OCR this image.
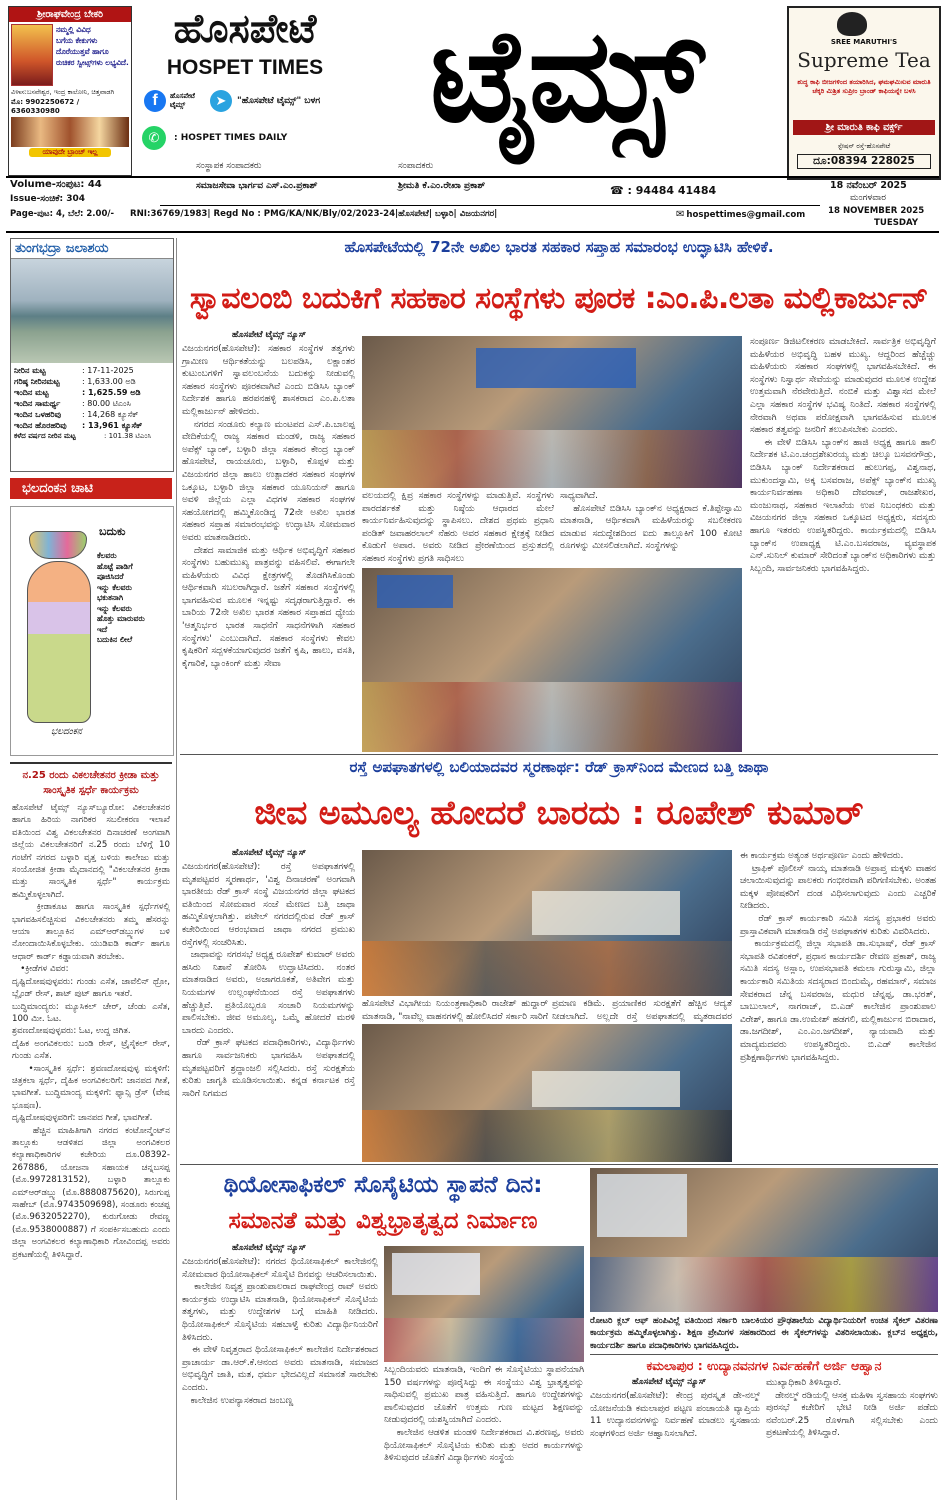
ಶ್ರೀರಾಘವೇಂದ್ರ ಬೇಕರಿ
ನಮ್ಮಲ್ಲಿ ವಿವಿಧ
ಬಗೆಯ ಕೇಕುಗಳು
ದೊರೆಯುತ್ತವೆ ಹಾಗೂ
ರುಚಿಕರ ಸ್ವೀಟ್ಸ್‌ಗಳು ಲಭ್ಯವಿದೆ.
ವಿಳಾಸ:ಬಸವೇಶ್ವರ, ಇಂದ್ರ ಕಾಲೋನಿ, ಚಿತ್ತವಾಡಗಿ
ಮೊ: 9902250672 / 6360330980
ಯಾವುದೇ ಬ್ರಾಂಚ್ ಇಲ್ಲ
ಹೊಸಪೇಟೆ
HOSPET TIMES ಟೈಮ್ಸ್
f	ಹೊಸಪೇಟೆ ಟೈಮ್ಸ್	➤	"ಹೊಸಪೇಟೆ ಟೈಮ್ಸ್" ಬಳಗ
✆	: HOSPET TIMES DAILY
ಸಂಸ್ಥಾಪಕ ಸಂಪಾದಕರು	ಸಂಪಾದಕರು
SREE MARUTHI'S
Supreme Tea
ಶುದ್ಧ ಕಾಫಿ ಬೀಜಗಳಿಂದ ತಯಾರಿಸಿದ, ಘಮಘಮಿಸುವ ಮಾರುತಿ ಚೆಕ್ಕರಿ ಮಿಶ್ರಿತ ಸುಪ್ರೀಂ ಬ್ರಾಂಡ್ ಕಾಫಿಯನ್ನೇ ಬಳಸಿ
ಶ್ರೀ ಮಾರುತಿ ಕಾಫಿ ವರ್ಕ್ಸ್
ಸ್ಟೇಷನ್ ರಸ್ತೆ-ಹೊಸಪೇಟೆ
ದೂ:08394 228025
Volume-ಸಂಪುಟ: 44
Issue-ಸಂಚಿಕೆ: 304
Page-ಪುಟ: 4, ಬೆಲೆ: 2.00/-
ಸಮಾಜಸೇವಾ ಭಾರ್ಗವ ಎಸ್.ಎಂ.ಪ್ರಕಾಶ್	ಶ್ರೀಮತಿ ಕೆ.ಎಂ.ರೇಖಾ ಪ್ರಕಾಶ್	☎ : 94484 41484	18 ನವೆಂಬರ್ 2025
ಮಂಗಳವಾರ
RNI:36769/1983| Regd No : PMG/KA/NK/Bly/02/2023-24|ಹೊಸಪೇಟೆ| ಬಳ್ಳಾರಿ| ವಿಜಯನಗರ|	✉ hospettimes@gmail.com	18 NOVEMBER 2025
TUESDAY
ತುಂಗಭದ್ರಾ ಜಲಾಶಯ
ನೀರಿನ ಮಟ್ಟ	: 17-11-2025
ಗರಿಷ್ಠ ನೀರಿನಮಟ್ಟ	: 1,633.00 ಅಡಿ
ಇಂದಿನ ಮಟ್ಟ	: 1,625.59 ಅಡಿ
ಇಂದಿನ ಸಾಮರ್ಥ್ಯ	: 80.00 ಟಿಎಂಸಿ
ಇಂದಿನ ಒಳಹರಿವು	: 14,268 ಕ್ಯೂಸೆಕ್
ಇಂದಿನ ಹೊರಹರಿವು	: 13,961 ಕ್ಯೂಸೆಕ್
ಕಳೆದ ವರ್ಷದ ನೀರಿನ ಮಟ್ಟ	: 101.38 ಟಿಎಂಸಿ
ಭಲದಂಕನ ಚಾಟಿ
ಬದುಕು
ಕೆಲವರು
ಹೊಟ್ಟೆ ಪಾಡಿಗೆ
ಪೂಜಿಸಿದರೆ
ಇನ್ನು ಕೆಲವರು
ಭಕುತನಾಗಿ
ಇನ್ನು ಕೆಲವರು
ಹೊತ್ತು ಮಾರುವರು
ಇದೆ
ಬದುಕಿನ ಲೀಲೆ
ಭಲದಂಕನ
ನ.25 ರಂದು ವಿಕಲಚೇತನರ ಕ್ರೀಡಾ ಮತ್ತು ಸಾಂಸ್ಕೃತಿಕ ಸ್ಪರ್ಧೆ ಕಾರ್ಯಕ್ರಮ
ಹೊಸಪೇಟೆ ಟೈಮ್ಸ್ ನ್ಯೂಸ್‌ಬ್ಯೂರೋ: ವಿಕಲಚೇತನರ ಹಾಗೂ ಹಿರಿಯ ನಾಗರಿಕರ ಸಬಲೀಕರಣ ಇಲಾಖೆ ವತಿಯಿಂದ ವಿಶ್ವ ವಿಕಲಚೇತನರ ದಿನಾಚರಣೆ ಅಂಗವಾಗಿ ಜಿಲ್ಲೆಯ ವಿಕಲಚೇತನರಿಗೆ ನ.25 ರಂದು ಬೆಳಿಗ್ಗೆ 10 ಗಂಟೆಗೆ ನಗರದ ಬಳ್ಳಾರಿ ವೃತ್ತ ಬಳಿಯ ಕಾಲೇಜು ಮತ್ತು ಸಂಯೋಜಿತ ಕ್ರೀಡಾ ಮೈದಾನದಲ್ಲಿ "ವಿಕಲಚೇತನರ ಕ್ರೀಡಾ ಮತ್ತು ಸಾಂಸ್ಕೃತಿಕ ಸ್ಪರ್ಧೆ" ಕಾರ್ಯಕ್ರಮ ಹಮ್ಮಿಕೊಳ್ಳಲಾಗಿದೆ.
ಕ್ರೀಡಾಕೂಟ ಹಾಗೂ ಸಾಂಸ್ಕೃತಿಕ ಸ್ಪರ್ಧೆಗಳಲ್ಲಿ ಭಾಗವಹಿಸಲಿಚ್ಚಿಸುವ ವಿಕಲಚೇತನರು ತಮ್ಮ ಹೆಸರನ್ನು ಆಯಾ ತಾಲ್ಲೂಕಿನ ಎಮ್‌ಆರ್‌ಡಬ್ಲ್ಯುಗಳ ಬಳಿ ನೋಂದಾಯಿಸಿಕೊಳ್ಳಬೇಕು. ಯುಡಿಐಡಿ ಕಾರ್ಡ್ ಹಾಗೂ ಆಧಾರ್ ಕಾರ್ಡ್ ಕಡ್ಡಾಯವಾಗಿ ತರಬೇಕು.
•ಕ್ರೀಡೆಗಳ ವಿವರ:
ದೃಷ್ಟಿದೋಷವುಳ್ಳವರು: ಗುಂಡು ಎಸೆತ, ಜಾವೆಲಿನ್ ಥ್ರೋ, ಬ್ಲೈಂಡ್ ರೇಸ್, ಶಾಟ್ ಪುಟ್ ಹಾಗೂ ಇತರೆ.
ಬುದ್ಧಿಮಾಂದ್ಯರು: ಮ್ಯೂಸಿಕಲ್ ಚೇರ್, ಚೆಂಡು ಎಸೆತ, 100 ಮೀ. ಓಟ.
ಶ್ರವಣದೋಷವುಳ್ಳವರು: ಓಟ, ಉದ್ದ ಜಿಗಿತ.
ದೈಹಿಕ ಅಂಗವಿಕಲರು: ಬಂಡಿ ರೇಸ್, ಟ್ರೈಸೈಕಲ್ ರೇಸ್, ಗುಂಡು ಎಸೆತ.
•ಸಾಂಸ್ಕೃತಿಕ ಸ್ಪರ್ಧೆ: ಶ್ರವಣದೋಷವುಳ್ಳ ಮಕ್ಕಳಿಗೆ: ಚಿತ್ರಕಲಾ ಸ್ಪರ್ಧೆ, ದೈಹಿಕ ಅಂಗವಿಕಲರಿಗೆ: ಜಾನಪದ ಗೀತೆ, ಭಾವಗೀತೆ. ಬುದ್ಧಿಮಾಂದ್ಯ ಮಕ್ಕಳಿಗೆ: ಫ್ಯಾನ್ಸಿ ಡ್ರೆಸ್ (ವೇಷ ಭೂಷಣ).
ದೃಷ್ಟಿದೋಷವುಳ್ಳವರಿಗೆ: ಜಾನಪದ ಗೀತೆ, ಭಾವಗೀತೆ.
ಹೆಚ್ಚಿನ ಮಾಹಿತಿಗಾಗಿ ನಗರದ ಕಂಟೋನ್ಮೆಂಟ್‌ನ ತಾಲ್ಲೂಕು ಆಡಳಿತದ ಜಿಲ್ಲಾ ಅಂಗವಿಕಲರ ಕಲ್ಯಾಣಾಧಿಕಾರಿಗಳ ಕಚೇರಿಯ ದೂ.08392-267886, ಯೋಜನಾ ಸಹಾಯಕ ಚನ್ನಬಸಪ್ಪ (ಮೊ.9972813152), ಬಳ್ಳಾರಿ ತಾಲ್ಲೂಕು ಎಮ್‌ಆರ್‌ಡಬ್ಲ್ಯು (ಮೊ.8880875620), ಸಿರುಗುಪ್ಪ ಸಾಹೇಬ್ (ಮೊ.9743509698), ಸಂಡೂರು ಕಂಚಪ್ಪ (ಮೊ.9632052270), ಕುರುಗೋಡು ರೇವಣ್ಣ (ಮೊ.9538000887) ಗೆ ಸಂಪರ್ಕಿಸಬಹುದು ಎಂದು ಜಿಲ್ಲಾ ಅಂಗವಿಕಲರ ಕಲ್ಯಾಣಾಧಿಕಾರಿ ಗೋವಿಂದಪ್ಪ ಅವರು ಪ್ರಕಟಣೆಯಲ್ಲಿ ತಿಳಿಸಿದ್ದಾರೆ.
ಹೊಸಪೇಟೆಯಲ್ಲಿ 72ನೇ ಅಖಿಲ ಭಾರತ ಸಹಕಾರ ಸಪ್ತಾಹ ಸಮಾರಂಭ ಉದ್ಘಾಟಿಸಿ ಹೇಳಿಕೆ.
ಸ್ವಾವಲಂಬಿ ಬದುಕಿಗೆ ಸಹಕಾರ ಸಂಸ್ಥೆಗಳು ಪೂರಕ :ಎಂ.ಪಿ.ಲತಾ ಮಲ್ಲಿಕಾರ್ಜುನ್
ಹೊಸಪೇಟೆ ಟೈಮ್ಸ್ ನ್ಯೂಸ್
ವಿಜಯನಗರ(ಹೊಸಪೇಟೆ): ಸಹಕಾರ ಸಂಸ್ಥೆಗಳ ತತ್ವಗಳು ಗ್ರಾಮೀಣ ಆರ್ಥಿಕತೆಯನ್ನು ಬಲಪಡಿಸಿ, ಲಕ್ಷಾಂತರ ಕುಟುಂಬಗಳಿಗೆ ಸ್ವಾವಲಂಬನೆಯ ಬದುಕನ್ನು ನೀಡುವಲ್ಲಿ ಸಹಕಾರ ಸಂಸ್ಥೆಗಳು ಪೂರಕವಾಗಿವೆ ಎಂದು ಬಿಡಿಸಿಸಿ ಬ್ಯಾಂಕ್ ನಿರ್ದೇಶಕ ಹಾಗೂ ಹರಪನಹಳ್ಳಿ ಶಾಸಕರಾದ ಎಂ.ಪಿ.ಲತಾ ಮಲ್ಲಿಕಾರ್ಜುನ್ ಹೇಳಿದರು.
ನಗರದ ಸಂಡೂರು ಕಲ್ಯಾಣ ಮಂಟಪದ ಎಸ್.ಪಿ.ಬಾಲಪ್ಪ ವೇದಿಕೆಯಲ್ಲಿ ರಾಜ್ಯ ಸಹಕಾರ ಮಂಡಳಿ, ರಾಜ್ಯ ಸಹಕಾರ ಅಪೆಕ್ಸ್ ಬ್ಯಾಂಕ್, ಬಳ್ಳಾರಿ ಜಿಲ್ಲಾ ಸಹಕಾರ ಕೇಂದ್ರ ಬ್ಯಾಂಕ್ ಹೊಸಪೇಟೆ, ರಾಯಚೂರು, ಬಳ್ಳಾರಿ, ಕೊಪ್ಪಳ ಮತ್ತು ವಿಜಯನಗರ ಜಿಲ್ಲಾ ಹಾಲು ಉತ್ಪಾದಕರ ಸಹಕಾರ ಸಂಘಗಳ ಒಕ್ಕೂಟ, ಬಳ್ಳಾರಿ ಜಿಲ್ಲಾ ಸಹಕಾರ ಯೂನಿಯನ್ ಹಾಗೂ ಅವಳಿ ಜಿಲ್ಲೆಯ ಎಲ್ಲಾ ವಿಧಗಳ ಸಹಕಾರ ಸಂಘಗಳ ಸಹಯೋಗದಲ್ಲಿ ಹಮ್ಮಿಕೊಂಡಿದ್ದ 72ನೇ ಅಖಿಲ ಭಾರತ ಸಹಕಾರ ಸಪ್ತಾಹ ಸಮಾರಂಭವನ್ನು ಉದ್ಘಾಟಿಸಿ ಸೋಮವಾರ ಅವರು ಮಾತನಾಡಿದರು.
ದೇಶದ ಸಾಮಾಜಿಕ ಮತ್ತು ಆರ್ಥಿಕ ಅಭಿವೃದ್ಧಿಗೆ ಸಹಕಾರ ಸಂಸ್ಥೆಗಳು ಬಹುಮುಖ್ಯ ಪಾತ್ರವನ್ನು ವಹಿಸಲಿವೆ. ಈಗಾಗಲೇ ಮಹಿಳೆಯರು ವಿವಿಧ ಕ್ಷೇತ್ರಗಳಲ್ಲಿ ತೊಡಗಿಸಿಕೊಂಡು ಆರ್ಥಿಕವಾಗಿ ಸಬಲರಾಗಿದ್ದಾರೆ. ಜತೆಗೆ ಸಹಕಾರ ಸಂಸ್ಥೆಗಳಲ್ಲಿ ಭಾಗವಹಿಸುವ ಮೂಲಕ ಇನ್ನಷ್ಟು ಸದೃಢರಾಗುತ್ತಿದ್ದಾರೆ. ಈ ಬಾರಿಯ 72ನೇ ಅಖಿಲ ಭಾರತ ಸಹಕಾರ ಸಪ್ತಾಹದ ಧ್ಯೇಯ 'ಆತ್ಮನಿರ್ಭರ ಭಾರತ ಸಾಧನೆಗೆ ಸಾಧನೆಗಳಾಗಿ ಸಹಕಾರ ಸಂಸ್ಥೆಗಳು' ಎಂಬುದಾಗಿದೆ. ಸಹಕಾರ ಸಂಸ್ಥೆಗಳು ಕೇವಲ ಕೃಷಿಕರಿಗೆ ಸದ್ಬಳಕೆಯಾಗುವುದರ ಜತೆಗೆ ಕೃಷಿ, ಹಾಲು, ವಸತಿ, ಕೈಗಾರಿಕೆ, ಬ್ಯಾಂಕಿಂಗ್ ಮತ್ತು ಸೇವಾ
ವಲಯದಲ್ಲಿ ಕ್ಷಿಪ್ರ ಸಹಕಾರ ಸಂಸ್ಥೆಗಳನ್ನು ಮಾಡುತ್ತಿವೆ. ಸಂಸ್ಥೆಗಳು ಪಾರದರ್ಶಕತೆ ಮತ್ತು ನಿಷ್ಠೆಯ ಆಧಾರದ ಮೇಲೆ ಕಾರ್ಯನಿರ್ವಹಿಸುವುದನ್ನು ಸ್ಥಾಪಿಸಲು. ದೇಶದ ಪ್ರಥಮ ಪ್ರಧಾನಿ ಪಂಡಿತ್ ಜವಾಹರಲಾಲ್ ನೆಹರು ಅವರ ಸಹಕಾರ ಕ್ಷೇತ್ರಕ್ಕೆ ನೀಡಿದ ಕೊಡುಗೆ ಅಪಾರ. ಅವರು ನೀಡಿದ ಪ್ರೇರಣೆಯಿಂದ ಪ್ರಸ್ತುತದಲ್ಲಿ ಸಹಕಾರ ಸಂಸ್ಥೆಗಳು ಪ್ರಗತಿ ಸಾಧಿಸಲು
ಸಾಧ್ಯವಾಗಿದೆ.
ಹೊಸಪೇಟೆ ಬಿಡಿಸಿಸಿ ಬ್ಯಾಂಕ್‌ನ ಅಧ್ಯಕ್ಷರಾದ ಕೆ.ತಿಪ್ಪೇಸ್ವಾಮಿ ಮಾತನಾಡಿ, ಆರ್ಥಿಕವಾಗಿ ಮಹಿಳೆಯರನ್ನು ಸಬಲೀಕರಣ ಮಾಡುವ ಸದುದ್ದೇಶದಿಂದ ಐದು ತಾಲ್ಲೂಕಿಗೆ 100 ಕೋಟಿ ರೂಗಳನ್ನು ಮೀಸಲಿಡಲಾಗಿದೆ. ಸಂಸ್ಥೆಗಳನ್ನು
ಸಂಪೂರ್ಣ ಡಿಜಿಟಲೀಕರಣ ಮಾಡಬೇಕಿದೆ. ಸಾರ್ವತ್ರಿಕ ಅಭಿವೃದ್ಧಿಗೆ ಮಹಿಳೆಯರ ಅಭಿವೃದ್ಧಿ ಬಹಳ ಮುಖ್ಯ. ಆದ್ದರಿಂದ ಹೆಚ್ಚೆಚ್ಚು ಮಹಿಳೆಯರು ಸಹಕಾರ ಸಂಘಗಳಲ್ಲಿ ಭಾಗವಹಿಸಬೇಕಿದೆ. ಈ ಸಂಸ್ಥೆಗಳು ನಿಸ್ವಾರ್ಥ ಸೇವೆಯನ್ನು ಮಾಡುವುದರ ಮೂಲಕ ಉದ್ದೇಶ ಉತ್ತಮವಾಗಿ ನೆರವೇರುತ್ತಿದೆ. ನಂಬಿಕೆ ಮತ್ತು ವಿಶ್ವಾಸದ ಮೇಲೆ ಎಲ್ಲಾ ಸಹಕಾರ ಸಂಸ್ಥೆಗಳ ಭವಿಷ್ಯ ನಿಂತಿದೆ. ಸಹಕಾರ ಸಂಸ್ಥೆಗಳಲ್ಲಿ ನೇರವಾಗಿ ಅಥವಾ ಪರೋಕ್ಷವಾಗಿ ಭಾಗವಹಿಸುವ ಮೂಲಕ ಸಹಕಾರ ತತ್ವವನ್ನು ಜನರಿಗೆ ತಲುಪಿಸಬೇಕು ಎಂದರು.
ಈ ವೇಳೆ ಬಿಡಿಸಿಸಿ ಬ್ಯಾಂಕ್‌ನ ಹಾಜಿ ಅಧ್ಯಕ್ಷ ಹಾಗೂ ಹಾಲಿ ನಿರ್ದೇಶಕ ಟಿ.ಎಂ.ಚಂದ್ರಶೇಖರಯ್ಯ ಮತ್ತು ಚಿಲ್ಕೂ ಬಸವನಗೌಡ್ರು, ಬಿಡಿಸಿಸಿ ಬ್ಯಾಂಕ್ ನಿರ್ದೇಶಕರಾದ ಹುಲುಗಪ್ಪ, ವಿಶ್ವನಾಥ, ಮುಕುಂದಸ್ವಾಮಿ, ಅಕ್ಕ ಬಸವರಾಜ, ಅಪೆಕ್ಸ್ ಬ್ಯಾಂಕ್‌ನ ಮುಖ್ಯ ಕಾರ್ಯನಿರ್ವಹಣಾ ಅಧಿಕಾರಿ ದೇವರಾಜ್, ರಾಜಶೇಖರ, ಮಂಜುನಾಥ, ಸಹಕಾರ ಇಲಾಖೆಯ ಉಪ ನಿಬಂಧಕರು ಮತ್ತು ವಿಜಯನಗರ ಜಿಲ್ಲಾ ಸಹಕಾರ ಒಕ್ಕೂಟದ ಅಧ್ಯಕ್ಷರು, ಸದಸ್ಯರು ಹಾಗೂ ಇತರರು ಉಪಸ್ಥಿತರಿದ್ದರು. ಕಾರ್ಯಕ್ರಮದಲ್ಲಿ ಬಿಡಿಸಿಸಿ ಬ್ಯಾಂಕ್‌ನ ಉಪಾಧ್ಯಕ್ಷ ಟಿ.ಎಂ.ಬಸವರಾಜ, ವ್ಯವಸ್ಥಾಪಕ ಎನ್.ಸುನಿಲ್ ಕುಮಾರ್ ಸೇರಿದಂತೆ ಬ್ಯಾಂಕ್‌ನ ಅಧಿಕಾರಿಗಳು ಮತ್ತು ಸಿಬ್ಬಂದಿ, ಸಾರ್ವಜನಿಕರು ಭಾಗವಹಿಸಿದ್ದರು.
ರಸ್ತೆ ಅಪಘಾತಗಳಲ್ಲಿ ಬಲಿಯಾದವರ ಸ್ಮರಣಾರ್ಥ: ರೆಡ್ ಕ್ರಾಸ್‌ನಿಂದ ಮೇಣದ ಬತ್ತಿ ಜಾಥಾ
ಜೀವ ಅಮೂಲ್ಯ ಹೋದರೆ ಬಾರದು : ರೂಪೇಶ್ ಕುಮಾರ್
ಹೊಸಪೇಟೆ ಟೈಮ್ಸ್ ನ್ಯೂಸ್
ವಿಜಯನಗರ(ಹೊಸಪೇಟೆ): ರಸ್ತೆ ಅಪಘಾತಗಳಲ್ಲಿ ಮೃತಪಟ್ಟವರ ಸ್ಮರಣಾರ್ಥ, 'ವಿಶ್ವ ದಿನಾಚರಣೆ' ಅಂಗವಾಗಿ ಭಾರತೀಯ ರೆಡ್ ಕ್ರಾಸ್ ಸಂಸ್ಥೆ ವಿಜಯನಗರ ಜಿಲ್ಲಾ ಘಟಕದ ವತಿಯಿಂದ ಸೋಮವಾರ ಸಂಜೆ ಮೇಣದ ಬತ್ತಿ ಜಾಥಾ ಹಮ್ಮಿಕೊಳ್ಳಲಾಗಿತ್ತು. ಪಟೇಲ್ ನಗರದಲ್ಲಿರುವ ರೆಡ್ ಕ್ರಾಸ್ ಕಚೇರಿಯಿಂದ ಆರಂಭವಾದ ಜಾಥಾ ನಗರದ ಪ್ರಮುಖ ರಸ್ತೆಗಳಲ್ಲಿ ಸಂಚರಿಸಿತು.
ಜಾಥಾವನ್ನು ನಗರಸಭೆ ಅಧ್ಯಕ್ಷ ರೂಪೇಶ್ ಕುಮಾರ್ ಅವರು ಹಸಿರು ನಿಶಾನೆ ತೋರಿಸಿ ಉದ್ಘಾಟಿಸಿದರು. ನಂತರ ಮಾತನಾಡಿದ ಅವರು, ಅಜಾಗರೂಕತೆ, ಅತಿವೇಗ ಮತ್ತು ನಿಯಮಗಳ ಉಲ್ಲಂಘನೆಯಿಂದ ರಸ್ತೆ ಅಪಘಾತಗಳು ಹೆಚ್ಚುತ್ತಿವೆ. ಪ್ರತಿಯೊಬ್ಬರೂ ಸಂಚಾರಿ ನಿಯಮಗಳನ್ನು ಪಾಲಿಸಬೇಕು. ಜೀವ ಅಮೂಲ್ಯ, ಒಮ್ಮೆ ಹೋದರೆ ಮರಳಿ ಬಾರದು ಎಂದರು.
ರೆಡ್ ಕ್ರಾಸ್ ಘಟಕದ ಪದಾಧಿಕಾರಿಗಳು, ವಿದ್ಯಾರ್ಥಿಗಳು ಹಾಗೂ ಸಾರ್ವಜನಿಕರು ಭಾಗವಹಿಸಿ ಅಪಘಾತದಲ್ಲಿ ಮೃತಪಟ್ಟವರಿಗೆ ಶ್ರದ್ಧಾಂಜಲಿ ಸಲ್ಲಿಸಿದರು. ರಸ್ತೆ ಸುರಕ್ಷತೆಯ ಕುರಿತು ಜಾಗೃತಿ ಮೂಡಿಸಲಾಯಿತು. ಕನ್ನಡ ಕರ್ನಾಟಕ ರಸ್ತೆ ಸಾರಿಗೆ ನಿಗಮದ
ಹೊಸಪೇಟೆ ವಿಭಾಗೀಯ ನಿಯಂತ್ರಣಾಧಿಕಾರಿ ರಾಜೇಶ್ ಹುದ್ದಾರ್ ಮಾತನಾಡಿ, "ನಾವೆಲ್ಲ ವಾಹನಗಳಲ್ಲಿ ಹೋಲಿಸಿದರೆ ಸರ್ಕಾರಿ ಸಾರಿಗೆ
ಪ್ರಮಾಣ ಕಡಿಮೆ. ಪ್ರಯಾಣಿಕರ ಸುರಕ್ಷತೆಗೆ ಹೆಚ್ಚಿನ ಆದ್ಯತೆ ನೀಡಲಾಗಿದೆ. ಅಲ್ಲದೇ ರಸ್ತೆ ಅಪಘಾತದಲ್ಲಿ ಮೃತರಾದವರ
ಈ ಕಾರ್ಯಕ್ರಮ ಅತ್ಯಂತ ಅರ್ಥಪೂರ್ಣ ಎಂದು ಹೇಳಿದರು.
ಟ್ರಾಫಿಕ್ ಪೊಲೀಸ್ ನಾಯ್ಕ ಮಾತನಾಡಿ ಅಪ್ರಾಪ್ತ ಮಕ್ಕಳು ವಾಹನ ಚಲಾಯಿಸುವುದನ್ನು ಪಾಲಕರು ಗಂಭೀರವಾಗಿ ಪರಿಗಣಿಸಬೇಕು. ಅಂತಹ ಮಕ್ಕಳ ಪೋಷಕರಿಗೆ ದಂಡ ವಿಧಿಸಲಾಗುವುದು ಎಂದು ಎಚ್ಚರಿಕೆ ನೀಡಿದರು.
ರೆಡ್ ಕ್ರಾಸ್ ಕಾರ್ಯಕಾರಿ ಸಮಿತಿ ಸದಸ್ಯ ಪ್ರಭಾಕರ ಅವರು ಪ್ರಾಸ್ತಾವಿಕವಾಗಿ ಮಾತನಾಡಿ ರಸ್ತೆ ಅಪಘಾತಗಳ ಕುರಿತು ವಿವರಿಸಿದರು.
ಕಾರ್ಯಕ್ರಮದಲ್ಲಿ ಜಿಲ್ಲಾ ಸಭಾಪತಿ ಡಾ.ಸುಭಾಷ್, ರೆಡ್ ಕ್ರಾಸ್ ಸಭಾಪತಿ ರವಿಶಂಕರ್, ಪ್ರಧಾನ ಕಾರ್ಯದರ್ಶಿ ರೇವಣ ಪ್ರಕಾಶ್, ರಾಜ್ಯ ಸಮಿತಿ ಸದಸ್ಯ ಅಸ್ಲಾಂ, ಉಪಸಭಾಪತಿ ಕಮಲಾ ಗುರುಸ್ವಾಮಿ, ಜಿಲ್ಲಾ ಕಾರ್ಯಕಾರಿ ಸಮಿತಿಯ ಸದಸ್ಯರಾದ ಬಿಂದುಮೈ, ರಹಮಾನ್, ಸಮಾಜ ಸೇವಕರಾದ ಚೆನ್ನ ಬಸವರಾಜ, ಮಧುರ ಚೆನ್ನಪ್ಪ, ಡಾ.ಭರತ್, ಬಾಬುಲಾಲ್, ನಾಗರಾಜ್, ಬಿ.ಎಡ್ ಕಾಲೇಜಿನ ಪ್ರಾಂಶುಪಾಲ ವಿರೇಶ್, ಹಾಗೂ ಡಾ.ಉಮೇಶ್ ಹಡಗಲಿ, ಮಲ್ಲಿಕಾರ್ಜುನ ಬಿರಾದಾರ, ಡಾ.ಜಗದೀಶ್, ಎಂ.ಎಂ.ಜಗದೀಶ್, ನ್ಯಾಯವಾದಿ ಮತ್ತು ಮಾದ್ಯಮದವರು ಉಪಸ್ಥಿತರಿದ್ದರು. ಬಿ.ಎಡ್ ಕಾಲೇಜಿನ ಪ್ರಶಿಕ್ಷಣಾರ್ಥಿಗಳು ಭಾಗವಹಿಸಿದ್ದರು.
ಥಿಯೋಸಾಫಿಕಲ್ ಸೊಸೈಟಿಯ ಸ್ಥಾಪನೆ ದಿನ:
ಸಮಾನತೆ ಮತ್ತು ವಿಶ್ವಭ್ರಾತೃತ್ವದ ನಿರ್ಮಾಣ
ಹೊಸಪೇಟೆ ಟೈಮ್ಸ್ ನ್ಯೂಸ್
ವಿಜಯನಗರ(ಹೊಸಪೇಟೆ): ನಗರದ ಥಿಯೋಸಾಫಿಕಲ್ ಕಾಲೇಜಿನಲ್ಲಿ ಸೋಮವಾರ ಥಿಯೋಸಾಫಿಕಲ್ ಸೊಸೈಟಿ ದಿನವನ್ನು ಆಚರಿಸಲಾಯಿತು.
ಕಾಲೇಜಿನ ನಿವೃತ್ತ ಪ್ರಾಂಶುಪಾಲರಾದ ರಾಘವೇಂದ್ರ ರಾವ್ ಅವರು ಕಾರ್ಯಕ್ರಮ ಉದ್ಘಾಟಿಸಿ ಮಾತನಾಡಿ, ಥಿಯೋಸಾಫಿಕಲ್ ಸೊಸೈಟಿಯ ತತ್ವಗಳು, ಮತ್ತು ಉದ್ದೇಶಗಳ ಬಗ್ಗೆ ಮಾಹಿತಿ ನೀಡಿದರು. ಥಿಯೋಸಾಫಿಕಲ್ ಸೊಸೈಟಿಯ ಸಹಬಾಳ್ವೆ ಕುರಿತು ವಿದ್ಯಾರ್ಥಿನಿಯರಿಗೆ ತಿಳಿಸಿದರು.
ಈ ವೇಳೆ ನಿವೃತ್ತರಾದ ಥಿಯೋಸಾಫಿಕಲ್ ಕಾಲೇಜಿನ ನಿರ್ದೇಶಕರಾದ ಪ್ರಾಚಾರ್ಯ ಡಾ.ಆರ್.ಕೆ.ಆನಂದ ಅವರು ಮಾತನಾಡಿ, ಸಮಾಜದ ಅಭಿವೃದ್ಧಿಗೆ ಜಾತಿ, ಮತ, ಧರ್ಮ ಭೇದವಿಲ್ಲದೆ ಸಮಾನತೆ ಸಾರಬೇಕು ಎಂದರು.
ಕಾಲೇಜಿನ ಉಪನ್ಯಾಸಕರಾದ ಜಂಬಣ್ಣ
ಸಿಬ್ಬಂದಿಯವರು ಮಾತನಾಡಿ, ಇಂದಿಗೆ ಈ ಸೊಸೈಟಿಯು ಸ್ಥಾಪನೆಯಾಗಿ 150 ವರ್ಷಗಳನ್ನು ಪೂರೈಸಿದ್ದು ಈ ಸಂಸ್ಥೆಯು ವಿಶ್ವ ಭ್ರಾತೃತ್ವವನ್ನು ಸಾಧಿಸುವಲ್ಲಿ ಪ್ರಮುಖ ಪಾತ್ರ ವಹಿಸುತ್ತಿದೆ. ಹಾಗೂ ಉದ್ದೇಶಗಳನ್ನು ಪಾಲಿಸುವುದರ ಜೊತೆಗೆ ಉತ್ತಮ ಗುಣ ಮಟ್ಟದ ಶಿಕ್ಷಣವನ್ನು ನೀಡುವುದರಲ್ಲಿ ಯಶಸ್ವಿಯಾಗಿದೆ ಎಂದರು.
ಕಾಲೇಜಿನ ಆಡಳಿತ ಮಂಡಳಿ ನಿರ್ದೇಶಕರಾದ ವಿ.ಶರಣಪ್ಪ, ಅವರು ಥಿಯೋಸಾಫಿಕಲ್ ಸೊಸೈಟಿಯ ಕುರಿತು ಮತ್ತು ಅದರ ಕಾರ್ಯಗಳನ್ನು ತಿಳಿಸುವುದರ ಜೊತೆಗೆ ವಿದ್ಯಾರ್ಥಿಗಳು ಸಂಸ್ಥೆಯ
ರೋಟರಿ ಕ್ಲಬ್ ಆಫ್ ಹಂಪಿವಿಲ್ಲೆ ವತಿಯಿಂದ ಸರ್ಕಾರಿ ಬಾಲಕಿಯರ ಪ್ರೌಢಶಾಲೆಯ ವಿದ್ಯಾರ್ಥಿನಿಯರಿಗೆ ಉಚಿತ ಸೈಕಲ್ ವಿತರಣಾ ಕಾರ್ಯಕ್ರಮ ಹಮ್ಮಿಕೊಳ್ಳಲಾಗಿತ್ತು. ಶಿಕ್ಷಣ ಪ್ರೇಮಿಗಳ ಸಹಕಾರದಿಂದ ಈ ಸೈಕಲ್‌ಗಳನ್ನು ವಿತರಿಸಲಾಯಿತು. ಕ್ಲಬ್‌ನ ಅಧ್ಯಕ್ಷರು, ಕಾರ್ಯದರ್ಶಿ ಹಾಗೂ ಪದಾಧಿಕಾರಿಗಳು ಭಾಗವಹಿಸಿದ್ದರು.
ಕಮಲಾಪುರ : ಉದ್ಯಾನವನಗಳ ನಿರ್ವಹಣೆಗೆ ಅರ್ಜಿ ಆಹ್ವಾನ
ಹೊಸಪೇಟೆ ಟೈಮ್ಸ್ ನ್ಯೂಸ್
ವಿಜಯನಗರ(ಹೊಸಪೇಟೆ): ಕೇಂದ್ರ ಪುರಸ್ಕೃತ ಡೇ-ನಲ್ಮ್ ಯೋಜನೆಯಡಿ ಕಮಲಾಪುರ ಪಟ್ಟಣ ಪಂಚಾಯತಿ ವ್ಯಾಪ್ತಿಯ 11 ಉದ್ಯಾನವನಗಳನ್ನು ನಿರ್ವಹಣೆ ಮಾಡಲು ಸ್ವಸಹಾಯ ಸಂಘಗಳಿಂದ ಅರ್ಜಿ ಆಹ್ವಾನಿಸಲಾಗಿದೆ.
ಮುಖ್ಯಾಧಿಕಾರಿ ತಿಳಿಸಿದ್ದಾರೆ.
ಡೇನಲ್ಮ್ ರಡಿಯಲ್ಲಿ ಆಸಕ್ತ ಮಹಿಳಾ ಸ್ವಸಹಾಯ ಸಂಘಗಳು ಪುರಸಭೆ ಕಚೇರಿಗೆ ಭೇಟಿ ನೀಡಿ ಅರ್ಜಿ ಪಡೆದು ನವೆಂಬರ್.25 ರೊಳಗಾಗಿ ಸಲ್ಲಿಸಬೇಕು ಎಂದು ಪ್ರಕಟಣೆಯಲ್ಲಿ ತಿಳಿಸಿದ್ದಾರೆ.
